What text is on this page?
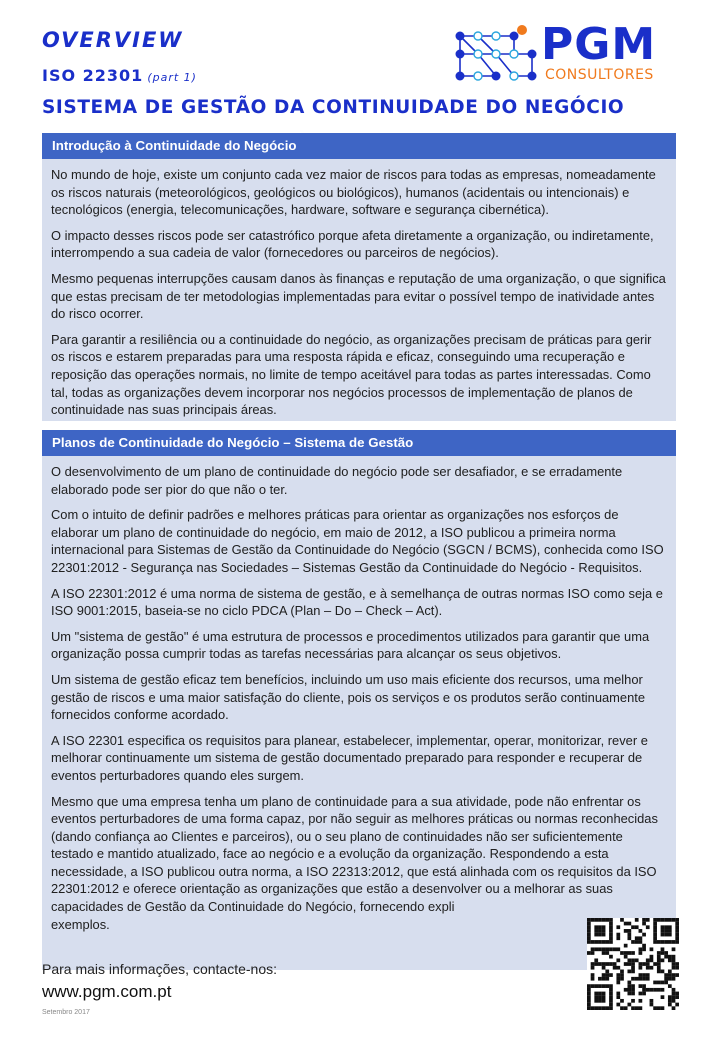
OVERVIEW
ISO 22301 (part 1)
SISTEMA DE GESTÃO DA CONTINUIDADE DO NEGÓCIO
PGM
CONSULTORES
Introdução à Continuidade do Negócio

No mundo de hoje, existe um conjunto cada vez maior de riscos para todas as empresas, nomeadamente os riscos naturais (meteorológicos, geológicos ou biológicos), humanos (acidentais ou intencionais) e tecnológicos (energia, telecomunicações, hardware, software e segurança cibernética).

O impacto desses riscos pode ser catastrófico porque afeta diretamente a organização, ou indiretamente, interrompendo a sua cadeia de valor (fornecedores ou parceiros de negócios).

Mesmo pequenas interrupções causam danos às finanças e reputação de uma organização, o que significa que estas precisam de ter metodologias implementadas para evitar o possível tempo de inatividade antes do risco ocorrer.

Para garantir a resiliência ou a continuidade do negócio, as organizações precisam de práticas para gerir os riscos e estarem preparadas para uma resposta rápida e eficaz, conseguindo uma recuperação e reposição das operações normais, no limite de tempo aceitável para todas as partes interessadas. Como tal, todas as organizações devem incorporar nos negócios processos de implementação de planos de continuidade nas suas principais áreas.

Planos de Continuidade do Negócio – Sistema de Gestão

O desenvolvimento de um plano de continuidade do negócio pode ser desafiador, e se erradamente elaborado pode ser pior do que não o ter.

Com o intuito de definir padrões e melhores práticas para orientar as organizações nos esforços de elaborar um plano de continuidade do negócio, em maio de 2012, a ISO publicou a primeira norma internacional para Sistemas de Gestão da Continuidade do Negócio (SGCN / BCMS), conhecida como ISO 22301:2012 - Segurança nas Sociedades – Sistemas Gestão da Continuidade do Negócio - Requisitos.

A ISO 22301:2012 é uma norma de sistema de gestão, e à semelhança de outras normas ISO como seja e ISO 9001:2015, baseia-se no ciclo PDCA (Plan – Do – Check – Act).

Um "sistema de gestão" é uma estrutura de processos e procedimentos utilizados para garantir que uma organização possa cumprir todas as tarefas necessárias para alcançar os seus objetivos.

Um sistema de gestão eficaz tem benefícios, incluindo um uso mais eficiente dos recursos, uma melhor gestão de riscos e uma maior satisfação do cliente, pois os serviços e os produtos serão continuamente fornecidos conforme acordado.

A ISO 22301 especifica os requisitos para planear, estabelecer, implementar, operar, monitorizar, rever e melhorar continuamente um sistema de gestão documentado preparado para responder e recuperar de eventos perturbadores quando eles surgem.

Mesmo que uma empresa tenha um plano de continuidade para a sua atividade, pode não enfrentar os eventos perturbadores de uma forma capaz, por não seguir as melhores práticas ou normas reconhecidas (dando confiança ao Clientes e parceiros), ou o seu plano de continuidades não ser suficientemente testado e mantido atualizado, face ao negócio e a evolução da organização. Respondendo a esta necessidade, a ISO publicou outra norma, a ISO 22313:2012, que está alinhada com os requisitos da ISO 22301:2012 e oferece orientação as organizações que estão a desenvolver ou a melhorar as suas capacidades de Gestão da Continuidade do Negócio, fornecendo expli

exemplos.

Para mais informações, contacte-nos:
www.pgm.com.pt
Setembro 2017
